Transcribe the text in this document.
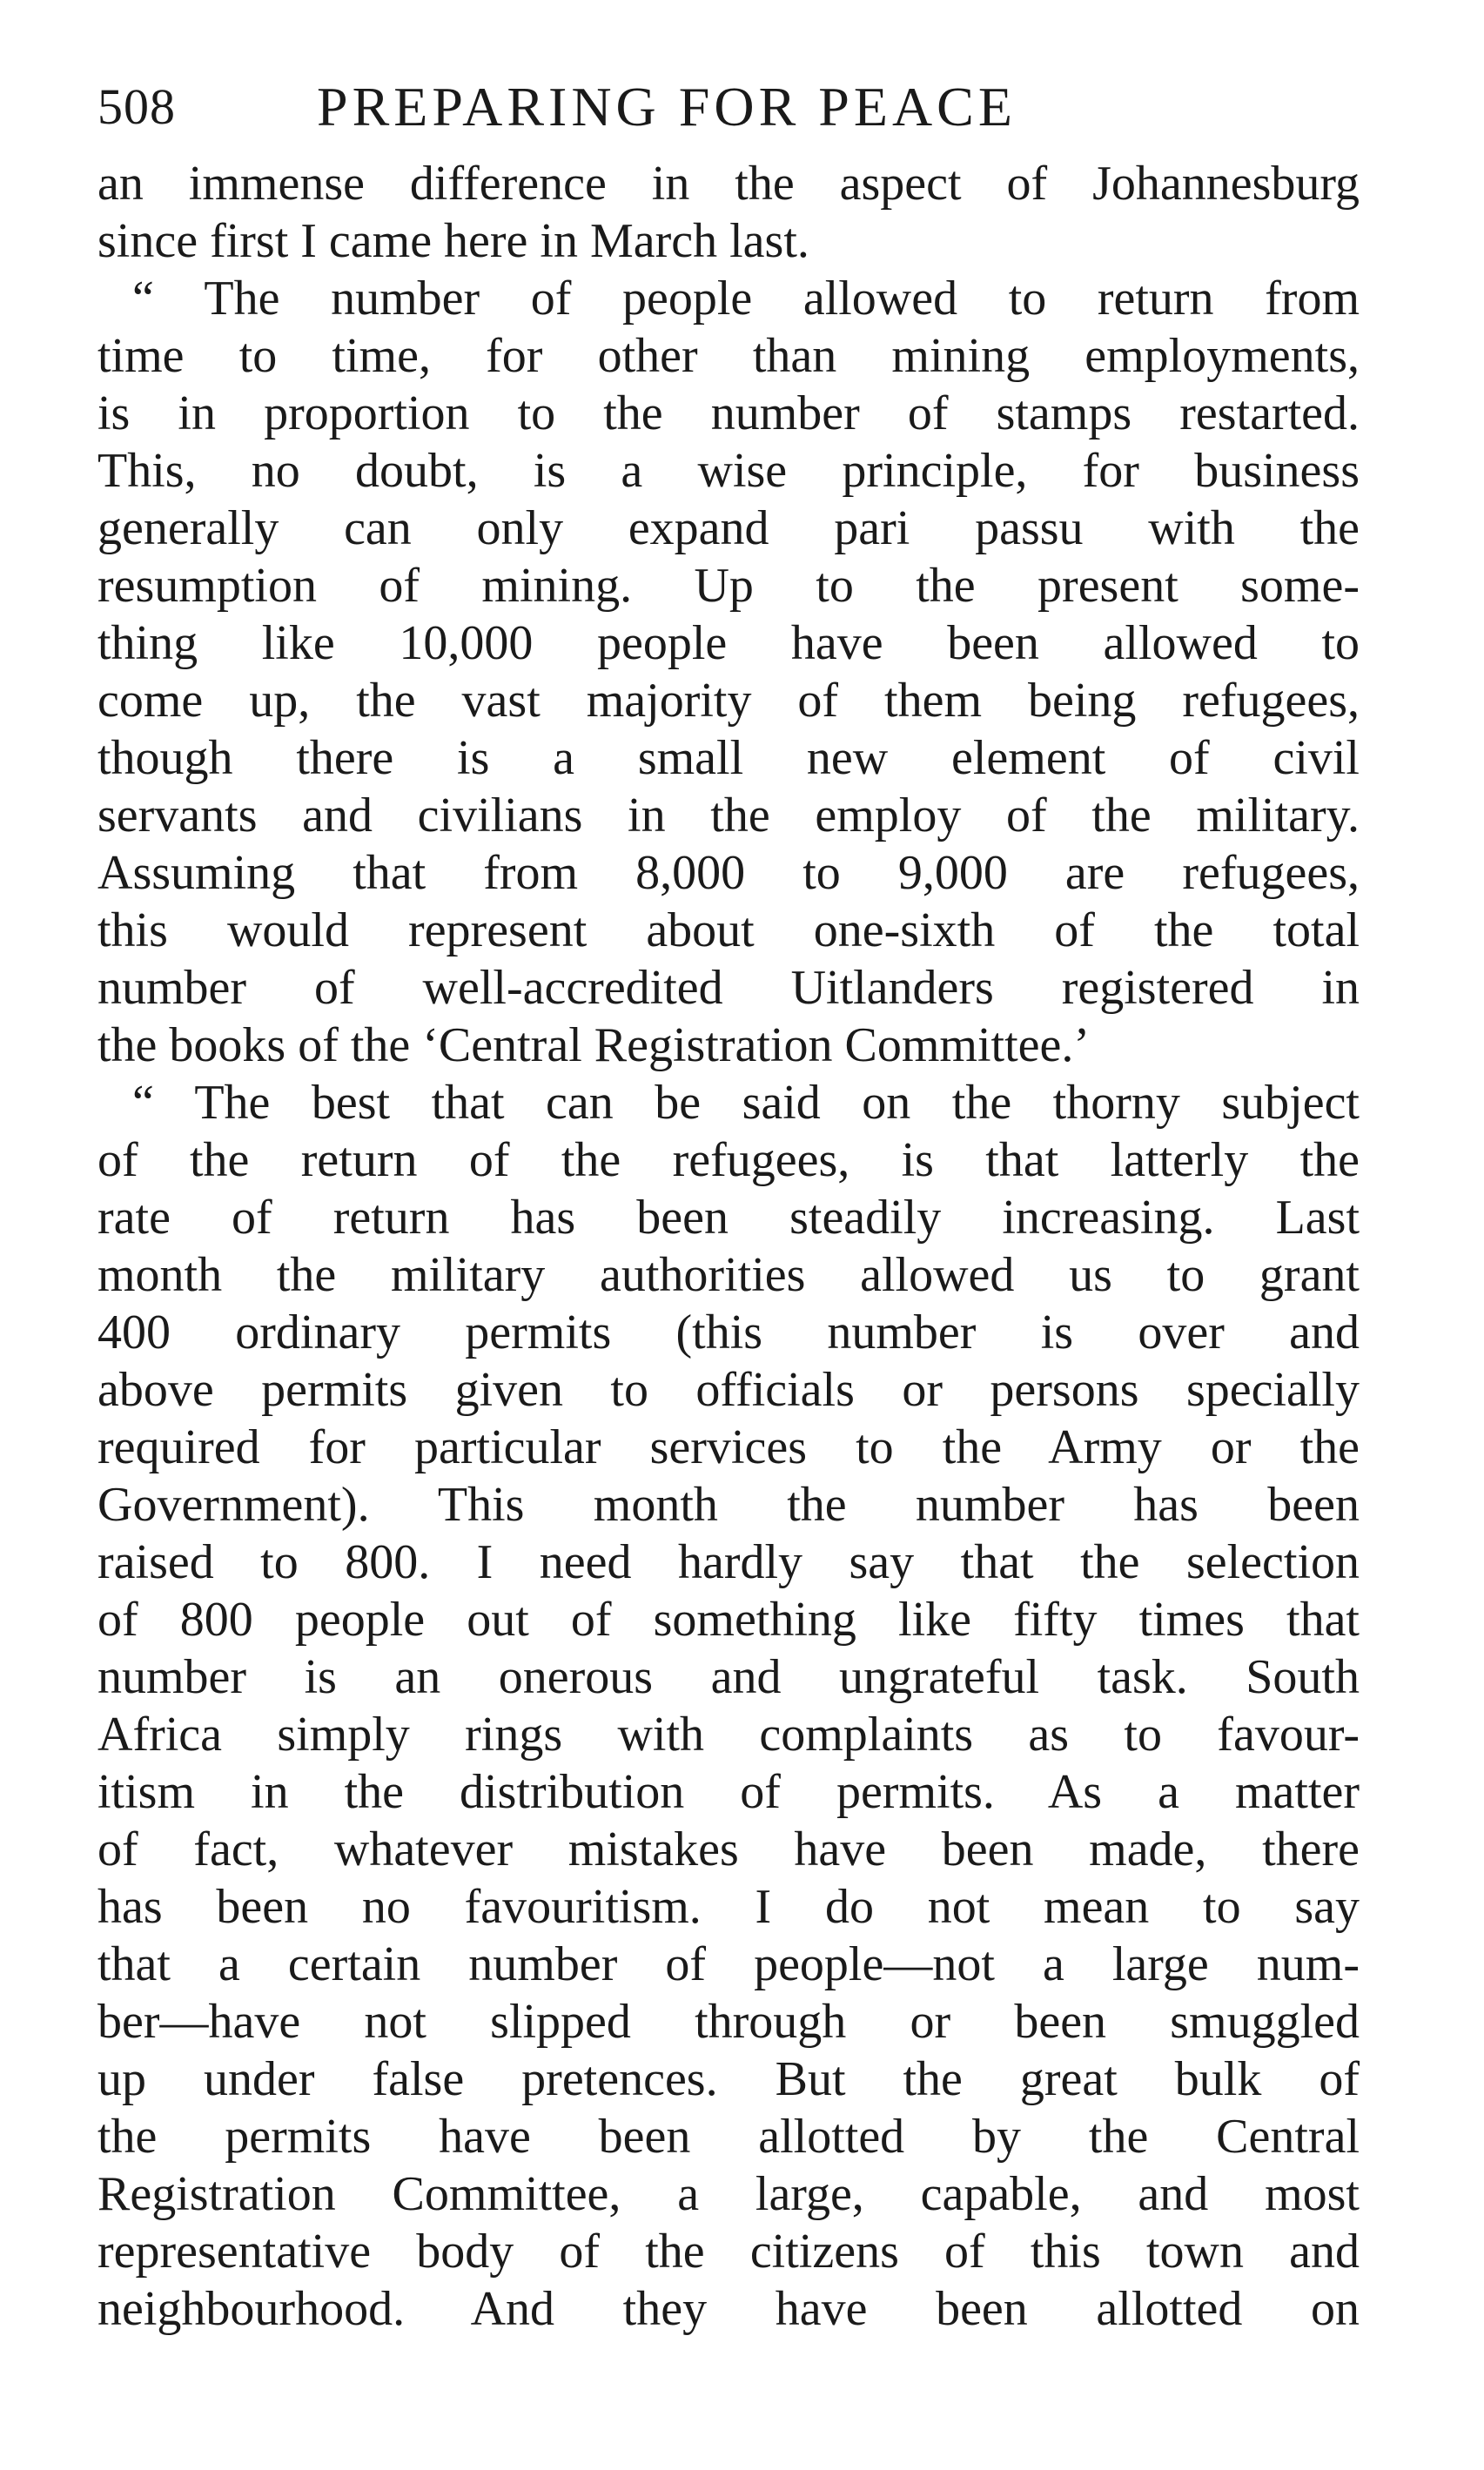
508	PREPARING FOR PEACE
an immense difference in the aspect of Johannesburg
since first I came here in March last.
“ The number of people allowed to return from
time to time, for other than mining employments,
is in proportion to the number of stamps restarted.
This, no doubt, is a wise principle, for business
generally can only expand pari passu with the
resumption of mining. Up to the present some-
thing like 10,000 people have been allowed to
come up, the vast majority of them being refugees,
though there is a small new element of civil
servants and civilians in the employ of the military.
Assuming that from 8,000 to 9,000 are refugees,
this would represent about one-sixth of the total
number of well-accredited Uitlanders registered in
the books of the ‘Central Registration Committee.’
“ The best that can be said on the thorny subject
of the return of the refugees, is that latterly the
rate of return has been steadily increasing. Last
month the military authorities allowed us to grant
400 ordinary permits (this number is over and
above permits given to officials or persons specially
required for particular services to the Army or the
Government). This month the number has been
raised to 800. I need hardly say that the selection
of 800 people out of something like fifty times that
number is an onerous and ungrateful task. South
Africa simply rings with complaints as to favour-
itism in the distribution of permits. As a matter
of fact, whatever mistakes have been made, there
has been no favouritism. I do not mean to say
that a certain number of people—not a large num-
ber—have not slipped through or been smuggled
up under false pretences. But the great bulk of
the permits have been allotted by the Central
Registration Committee, a large, capable, and most
representative body of the citizens of this town and
neighbourhood. And they have been allotted on
